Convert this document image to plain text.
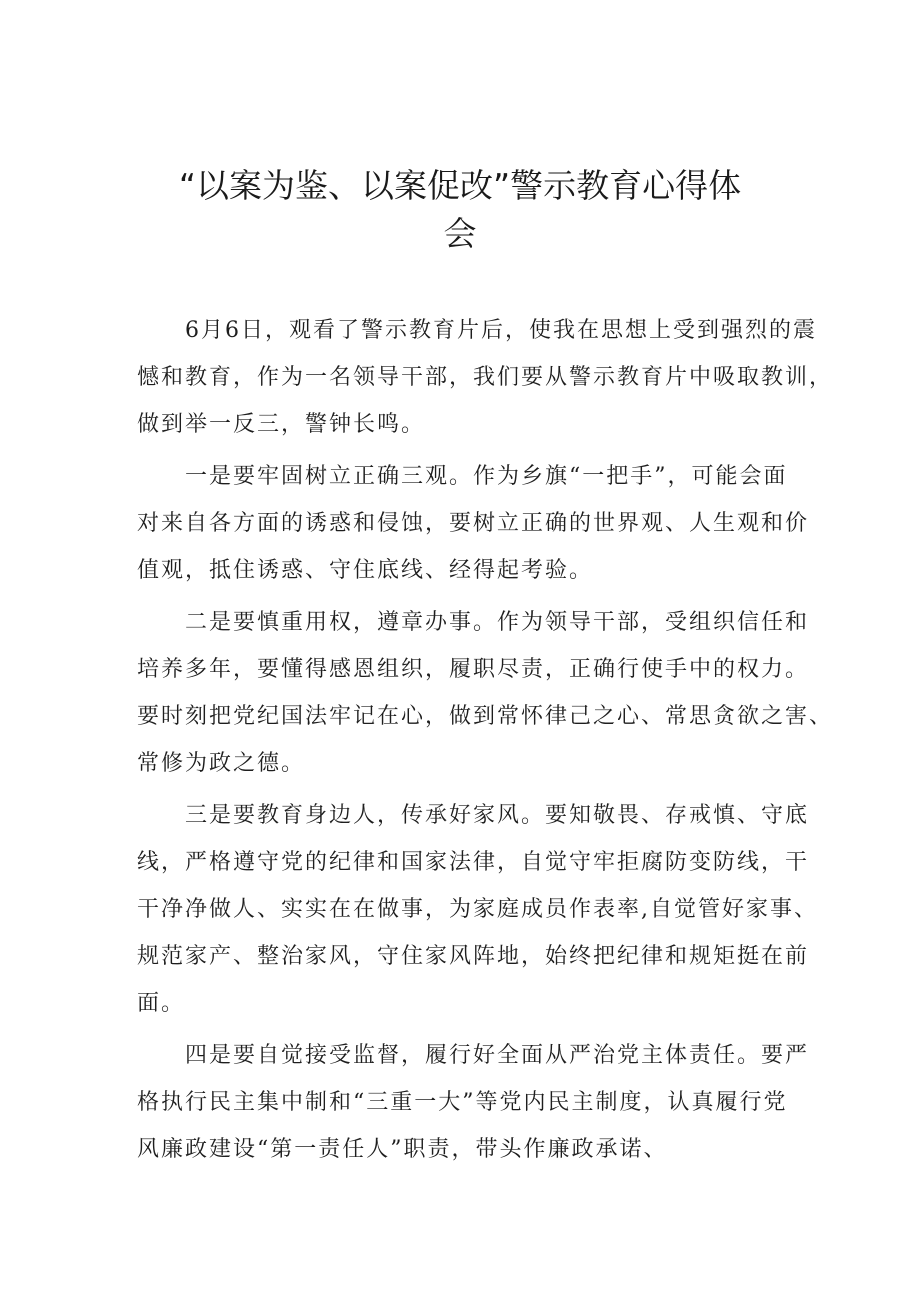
“以案为鉴、以案促改”警示教育心得体
会

6月6日，观看了警示教育片后，使我在思想上受到强烈的震
憾和教育，作为一名领导干部，我们要从警示教育片中吸取教训，
做到举一反三，警钟长鸣。

一是要牢固树立正确三观。作为乡旗“一把手”，可能会面
对来自各方面的诱惑和侵蚀，要树立正确的世界观、人生观和价
值观，抵住诱惑、守住底线、经得起考验。

二是要慎重用权，遵章办事。作为领导干部，受组织信任和
培养多年，要懂得感恩组织，履职尽责，正确行使手中的权力。
要时刻把党纪国法牢记在心，做到常怀律己之心、常思贪欲之害、
常修为政之德。

三是要教育身边人，传承好家风。要知敬畏、存戒慎、守底
线，严格遵守党的纪律和国家法律，自觉守牢拒腐防变防线，干
干净净做人、实实在在做事，为家庭成员作表率,自觉管好家事、
规范家产、整治家风，守住家风阵地，始终把纪律和规矩挺在前
面。

四是要自觉接受监督，履行好全面从严治党主体责任。要严
格执行民主集中制和“三重一大”等党内民主制度，认真履行党
风廉政建设“第一责任人”职责，带头作廉政承诺、
